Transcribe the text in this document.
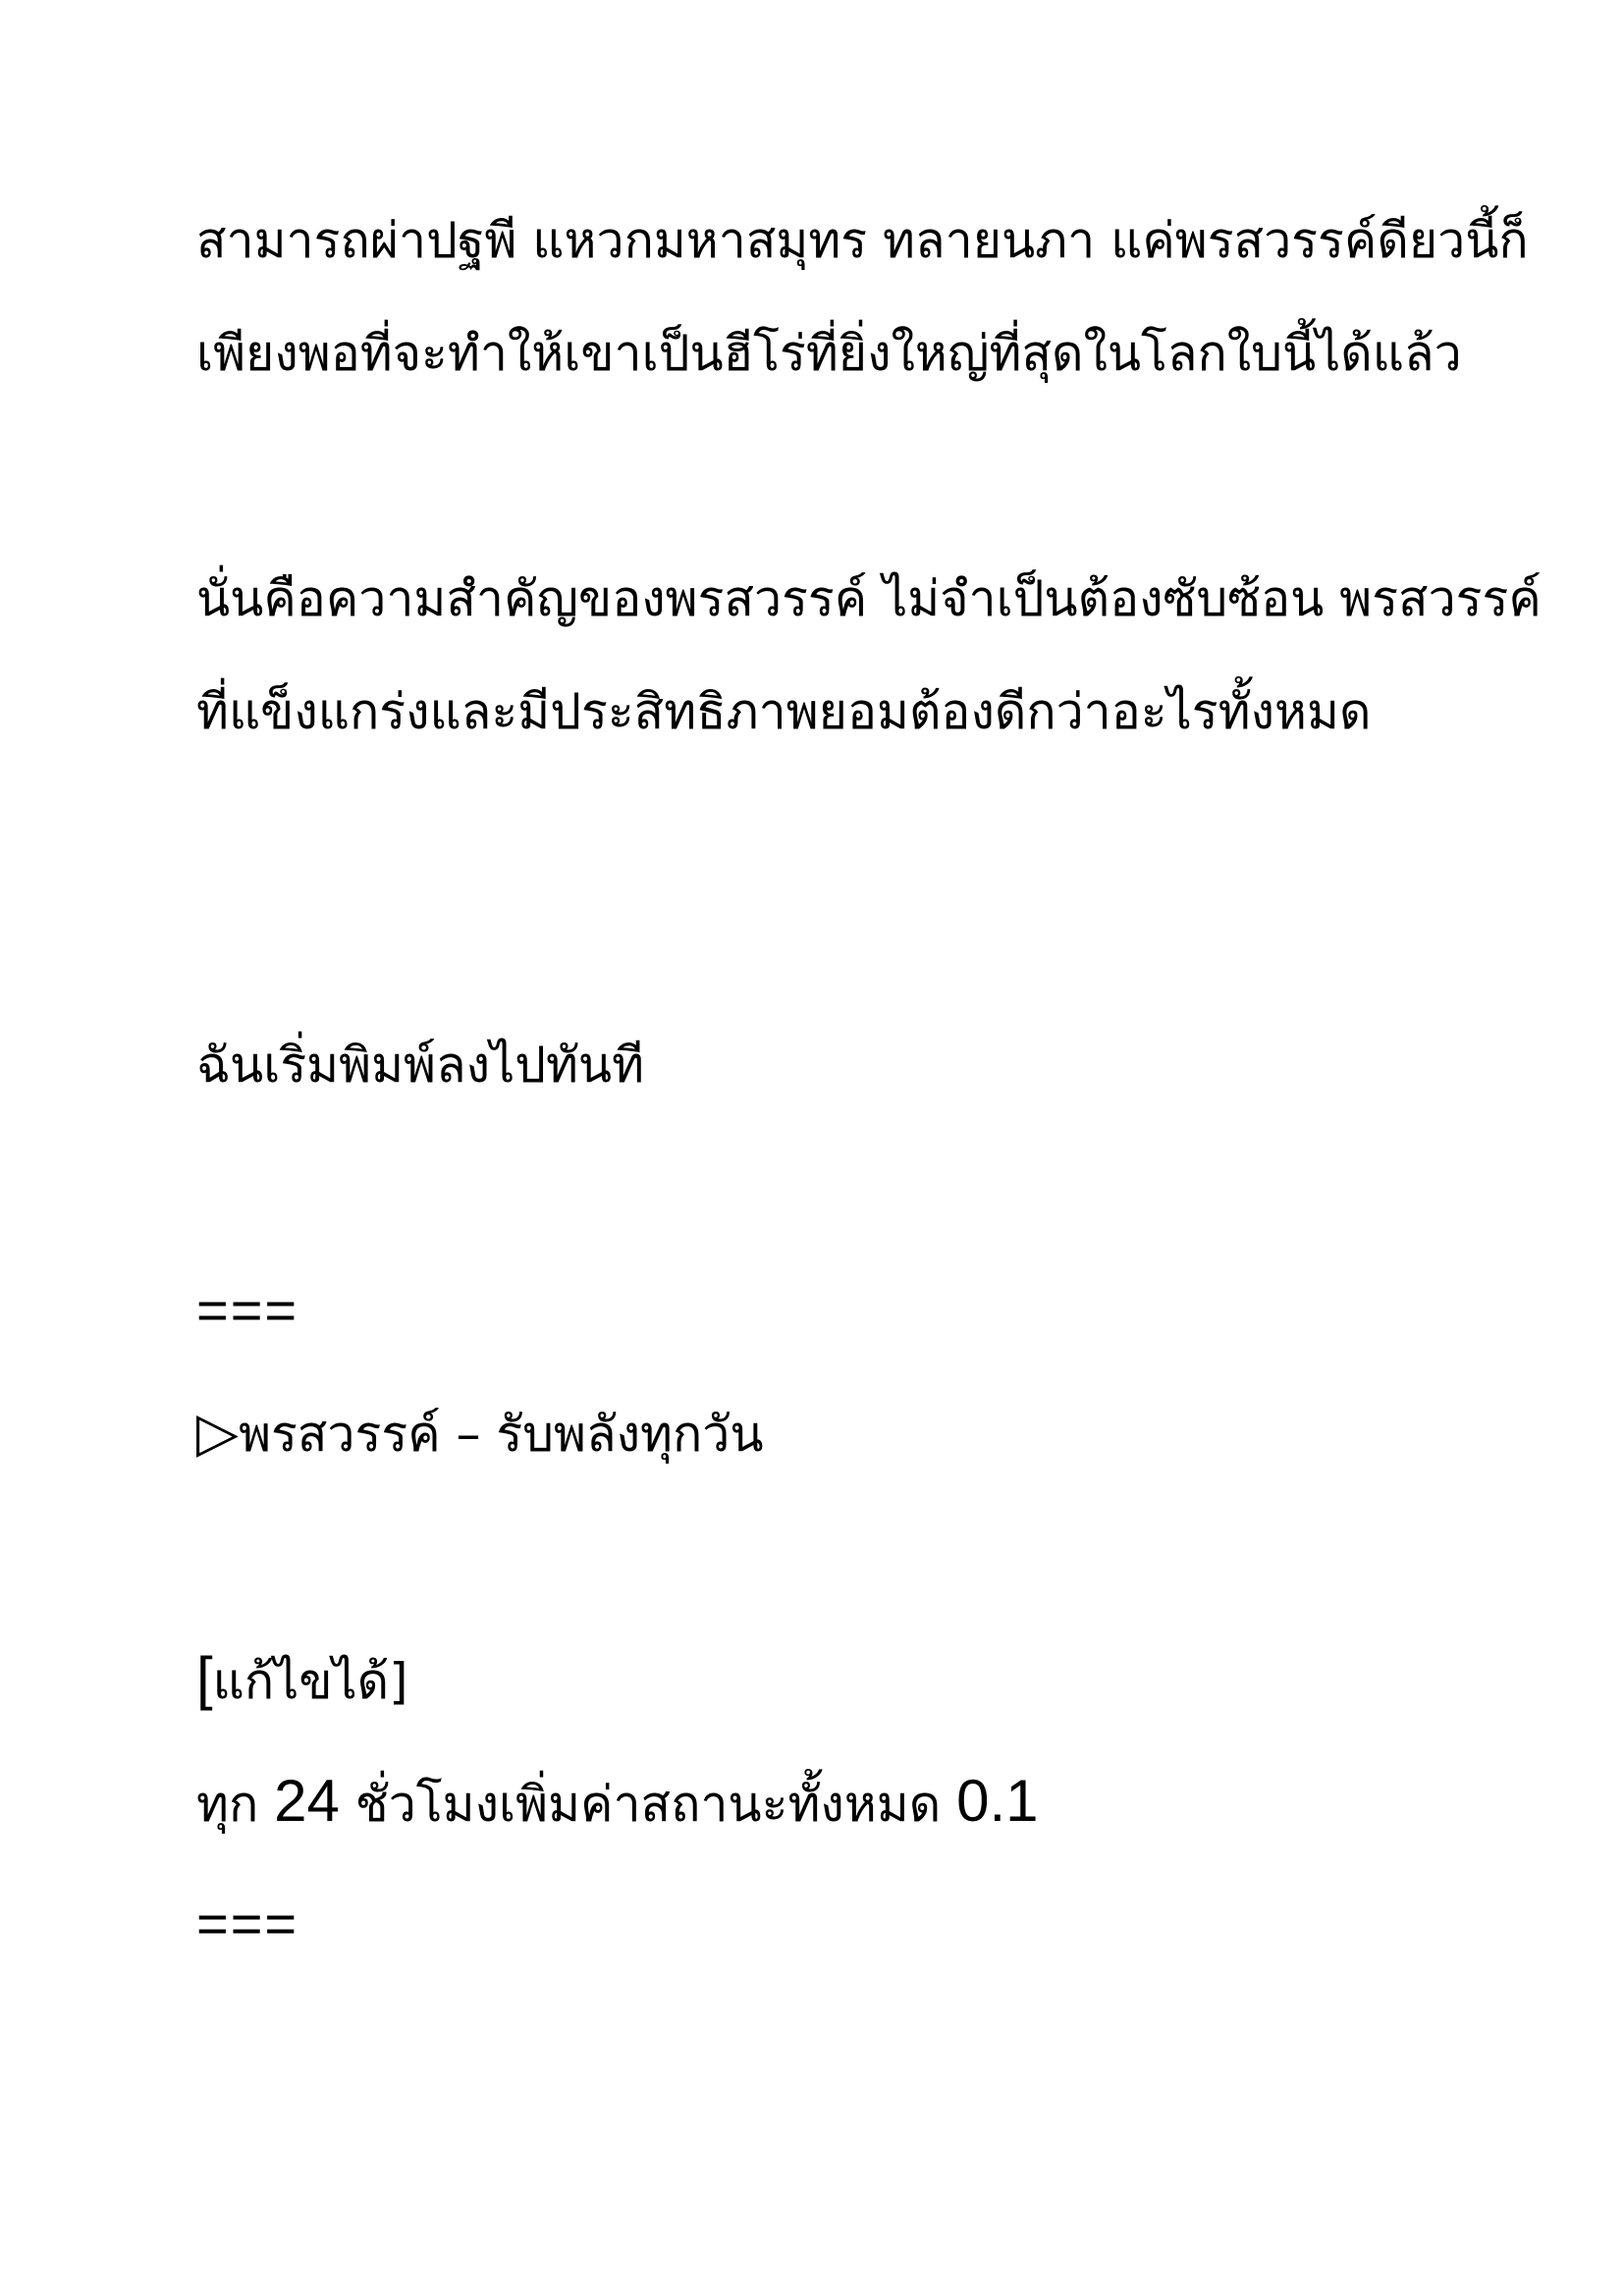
สามารถผ่าปฐพี แหวกมหาสมุทร ทลายนภา แค่พรสวรรค์ดียวนี้ก็
เพียงพอที่จะทำให้เขาเป็นฮีโร่ที่ยิ่งใหญ่ที่สุดในโลกใบนี้ได้แล้ว
นั่นคือความสำคัญของพรสวรรค์ ไม่จำเป็นต้องซับซ้อน พรสวรรค์
ที่แข็งแกร่งและมีประสิทธิภาพยอมต้องดีกว่าอะไรทั้งหมด
ฉันเริ่มพิมพ์ลงไปทันที
===
▷พรสวรรค์ – รับพลังทุกวัน
[แก้ไขได้]
ทุก 24 ชั่วโมงเพิ่มค่าสถานะทั้งหมด 0.1
===
